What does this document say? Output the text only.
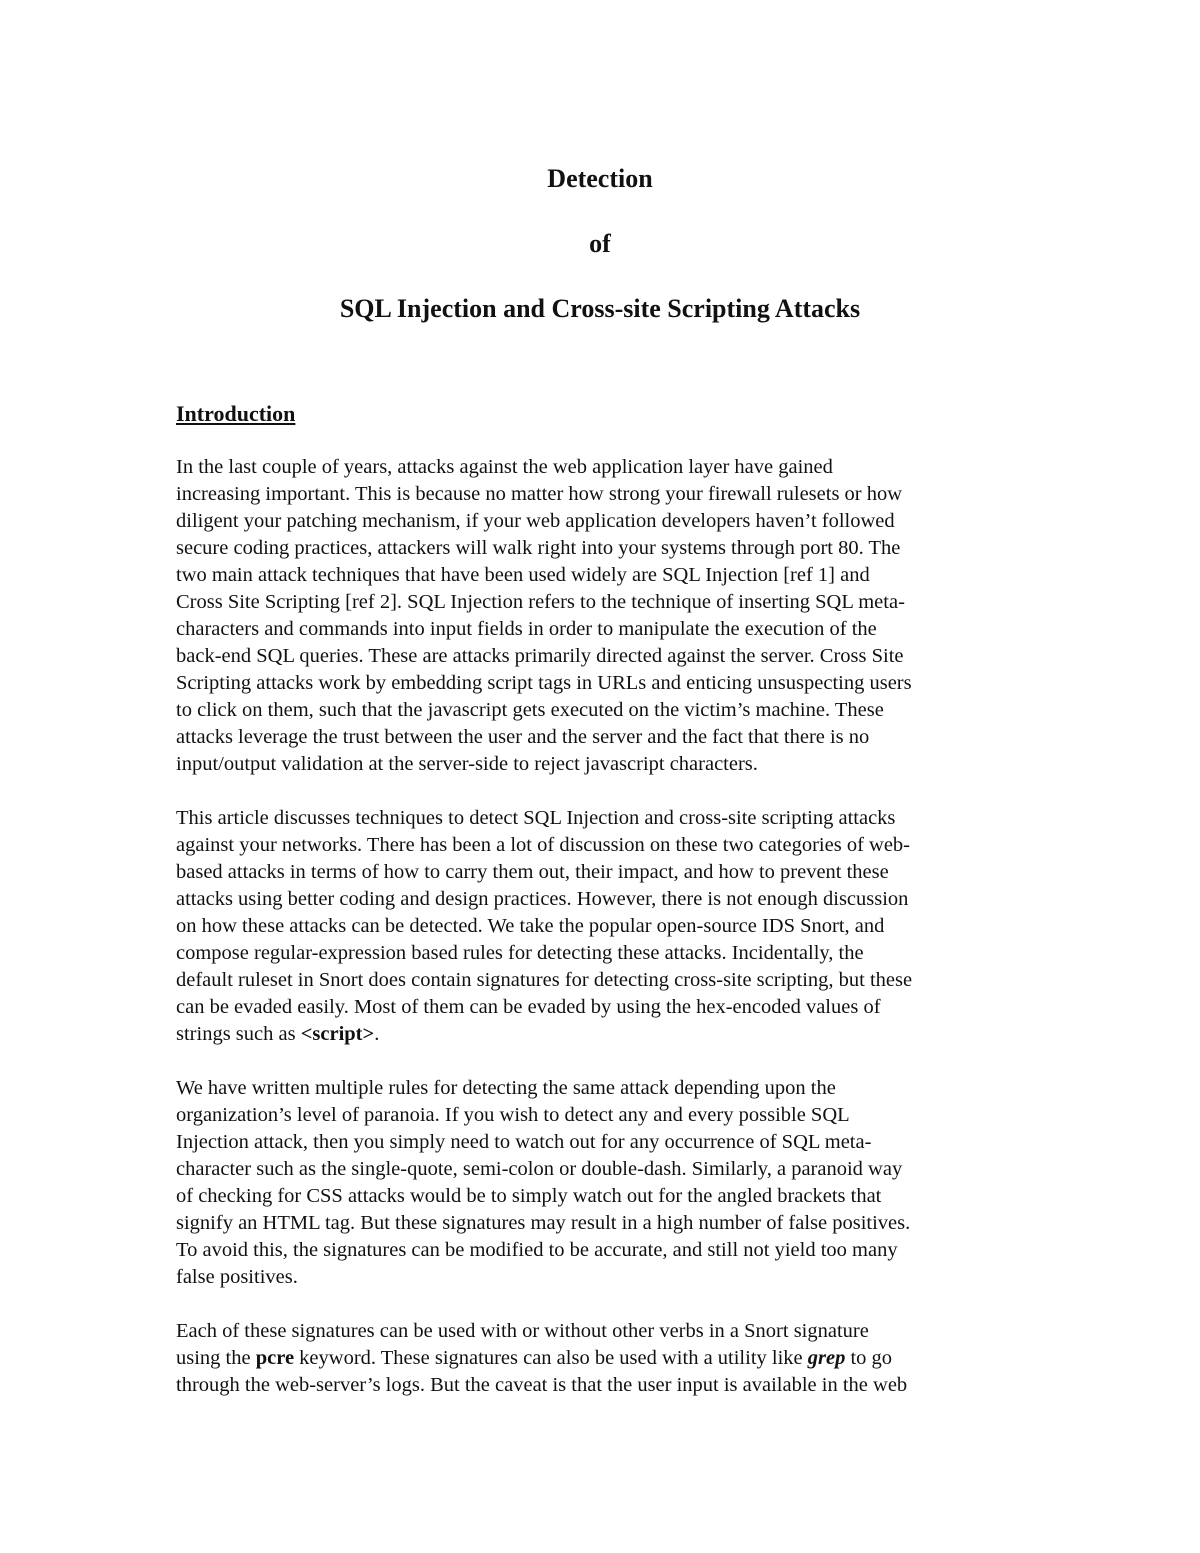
Detection
of
SQL Injection and Cross-site Scripting Attacks
Introduction
In the last couple of years, attacks against the web application layer have gained
increasing important. This is because no matter how strong your firewall rulesets or how
diligent your patching mechanism, if your web application developers haven’t followed
secure coding practices, attackers will walk right into your systems through port 80. The
two main attack techniques that have been used widely are SQL Injection [ref 1] and
Cross Site Scripting [ref 2]. SQL Injection refers to the technique of inserting SQL meta-
characters and commands into input fields in order to manipulate the execution of the
back-end SQL queries. These are attacks primarily directed against the server. Cross Site
Scripting attacks work by embedding script tags in URLs and enticing unsuspecting users
to click on them, such that the javascript gets executed on the victim’s machine. These
attacks leverage the trust between the user and the server and the fact that there is no
input/output validation at the server-side to reject javascript characters.
This article discusses techniques to detect SQL Injection and cross-site scripting attacks
against your networks. There has been a lot of discussion on these two categories of web-
based attacks in terms of how to carry them out, their impact, and how to prevent these
attacks using better coding and design practices. However, there is not enough discussion
on how these attacks can be detected. We take the popular open-source IDS Snort, and
compose regular-expression based rules for detecting these attacks. Incidentally, the
default ruleset in Snort does contain signatures for detecting cross-site scripting, but these
can be evaded easily. Most of them can be evaded by using the hex-encoded values of
strings such as <script>.
We have written multiple rules for detecting the same attack depending upon the
organization’s level of paranoia. If you wish to detect any and every possible SQL
Injection attack, then you simply need to watch out for any occurrence of SQL meta-
character such as the single-quote, semi-colon or double-dash. Similarly, a paranoid way
of checking for CSS attacks would be to simply watch out for the angled brackets that
signify an HTML tag. But these signatures may result in a high number of false positives.
To avoid this, the signatures can be modified to be accurate, and still not yield too many
false positives.
Each of these signatures can be used with or without other verbs in a Snort signature
using the pcre keyword. These signatures can also be used with a utility like grep to go
through the web-server’s logs. But the caveat is that the user input is available in the web
